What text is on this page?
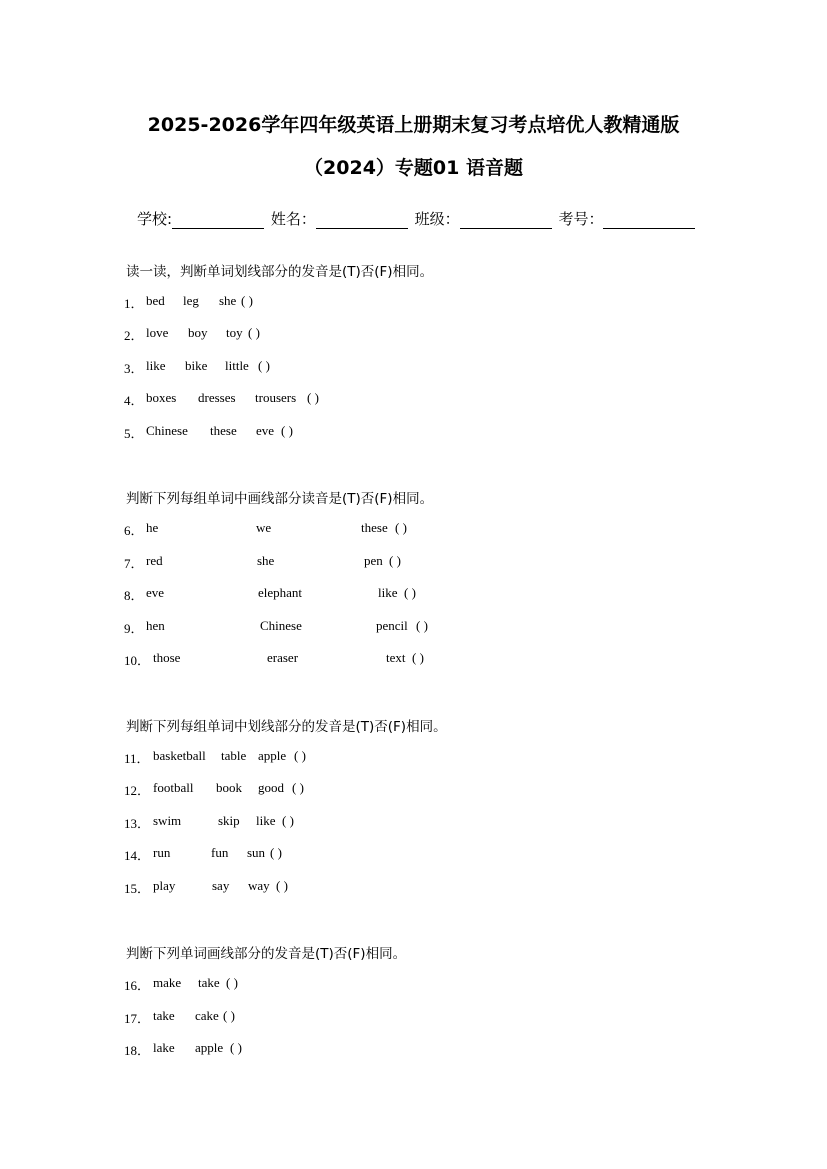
2025-2026学年四年级英语上册期末复习考点培优人教精通版
（2024）专题01 语音题
学校:	姓名：	班级：	考号：
读一读，判断单词划线部分的发音是(T)否(F)相同。
1． bed leg she ( )
2． love boy toy ( )
3． like bike little ( )
4． boxes dresses trousers ( )
5． Chinese these eve ( )
判断下列每组单词中画线部分读音是(T)否(F)相同。
6． he	we	these ( )
7． red	she	pen ( )
8． eve	elephant	like ( )
9． hen	Chinese	pencil ( )
10． those	eraser	text ( )
判断下列每组单词中划线部分的发音是(T)否(F)相同。
11． basketball table apple ( )
12． football book good ( )
13． swim	skip like ( )
14． run	fun sun ( )
15． play	say way ( )
判断下列单词画线部分的发音是(T)否(F)相同。
16． make take ( )
17． take cake ( )
18． lake apple ( )
